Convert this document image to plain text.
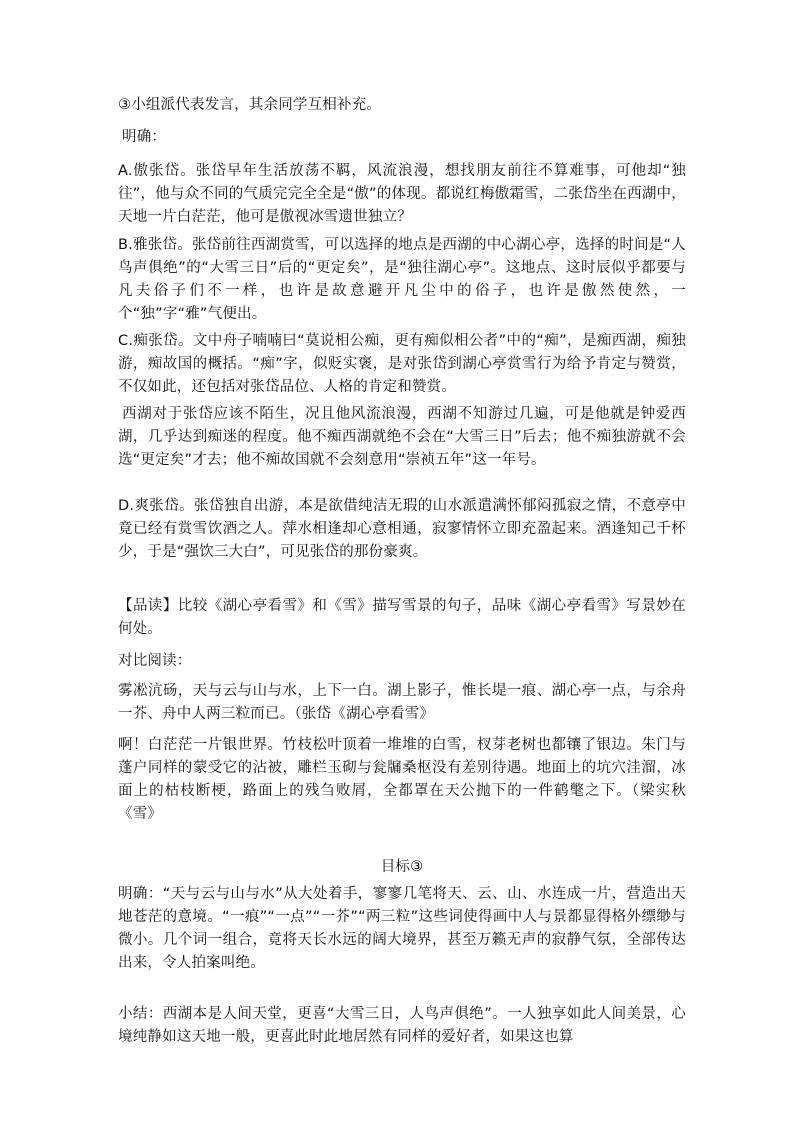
③小组派代表发言，其余同学互相补充。

明确：

A.傲张岱。张岱早年生活放荡不羁，风流浪漫，想找朋友前往不算难事，可他却“独往”，他与众不同的气质完完全全是“傲”的体现。都说红梅傲霜雪，二张岱坐在西湖中，天地一片白茫茫，他可是傲视冰雪遗世独立？

B.雅张岱。张岱前往西湖赏雪，可以选择的地点是西湖的中心湖心亭，选择的时间是“人鸟声俱绝”的“大雪三日”后的“更定矣”，是“独往湖心亭”。这地点、这时辰似乎都要与凡夫俗子们不一样，也许是故意避开凡尘中的俗子，也许是傲然使然，一个“独”字“雅”气便出。

C.痴张岱。文中舟子喃喃曰“莫说相公痴，更有痴似相公者”中的“痴”，是痴西湖，痴独游，痴故国的概括。“痴”字，似贬实褒，是对张岱到湖心亭赏雪行为给予肯定与赞赏，不仅如此，还包括对张岱品位、人格的肯定和赞赏。

西湖对于张岱应该不陌生，况且他风流浪漫，西湖不知游过几遍，可是他就是钟爱西湖，几乎达到痴迷的程度。他不痴西湖就绝不会在“大雪三日”后去；他不痴独游就不会选“更定矣”才去；他不痴故国就不会刻意用“崇祯五年”这一年号。

D.爽张岱。张岱独自出游，本是欲借纯洁无瑕的山水派遣满怀郁闷孤寂之情，不意亭中竟已经有赏雪饮酒之人。萍水相逢却心意相通，寂寥情怀立即充盈起来。酒逢知己千杯少，于是“强饮三大白”，可见张岱的那份豪爽。

【品读】比较《湖心亭看雪》和《雪》描写雪景的句子，品味《湖心亭看雪》写景妙在何处。

对比阅读：

雾凇沆砀，天与云与山与水，上下一白。湖上影子，惟长堤一痕、湖心亭一点，与余舟一芥、舟中人两三粒而已。（张岱《湖心亭看雪》

啊！白茫茫一片银世界。竹枝松叶顶着一堆堆的白雪，杈芽老树也都镶了银边。朱门与蓬户同样的蒙受它的沾被，雕栏玉砌与瓮牖桑枢没有差别待遇。地面上的坑穴洼溜，冰面上的枯枝断梗，路面上的残刍败屑，全都罩在天公抛下的一件鹤氅之下。（梁实秋《雪》

目标③

明确：“天与云与山与水”从大处着手，寥寥几笔将天、云、山、水连成一片，营造出天地苍茫的意境。“一痕”“一点”“一芥”“两三粒”这些词使得画中人与景都显得格外缥缈与微小。几个词一组合，竟将天长水远的阔大境界，甚至万籁无声的寂静气氛，全部传达出来，令人拍案叫绝。

小结：西湖本是人间天堂，更喜“大雪三日，人鸟声俱绝”。一人独享如此人间美景，心境纯静如这天地一般，更喜此时此地居然有同样的爱好者，如果这也算
